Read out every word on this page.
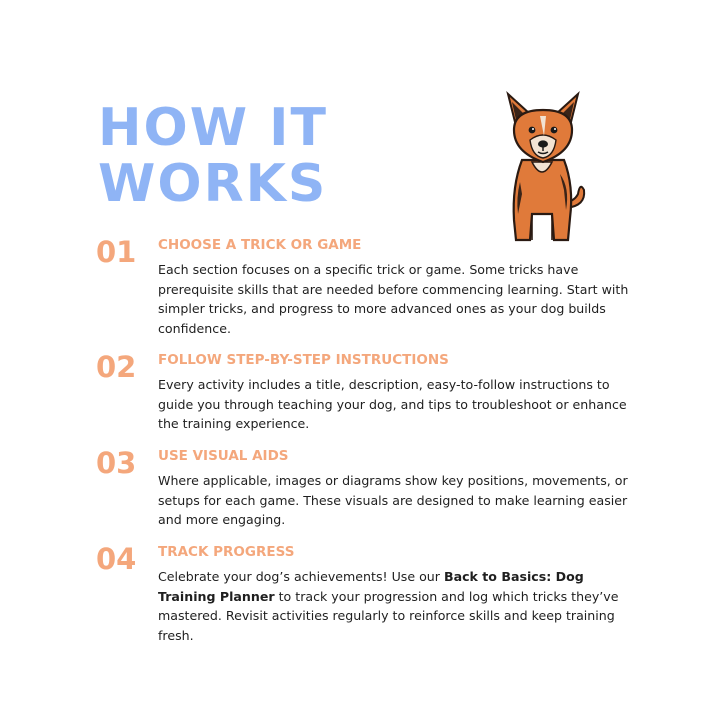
HOW IT
WORKS
01 CHOOSE A TRICK OR GAME

Each section focuses on a specific trick or game. Some tricks have prerequisite skills that are needed before commencing learning. Start with simpler tricks, and progress to more advanced ones as your dog builds confidence.

02 FOLLOW STEP-BY-STEP INSTRUCTIONS

Every activity includes a title, description, easy-to-follow instructions to guide you through teaching your dog, and tips to troubleshoot or enhance the training experience.

03 USE VISUAL AIDS

Where applicable, images or diagrams show key positions, movements, or setups for each game. These visuals are designed to make learning easier and more engaging.

04 TRACK PROGRESS

Celebrate your dog’s achievements! Use our Back to Basics: Dog Training Planner to track your progression and log which tricks they’ve mastered. Revisit activities regularly to reinforce skills and keep training fresh.
